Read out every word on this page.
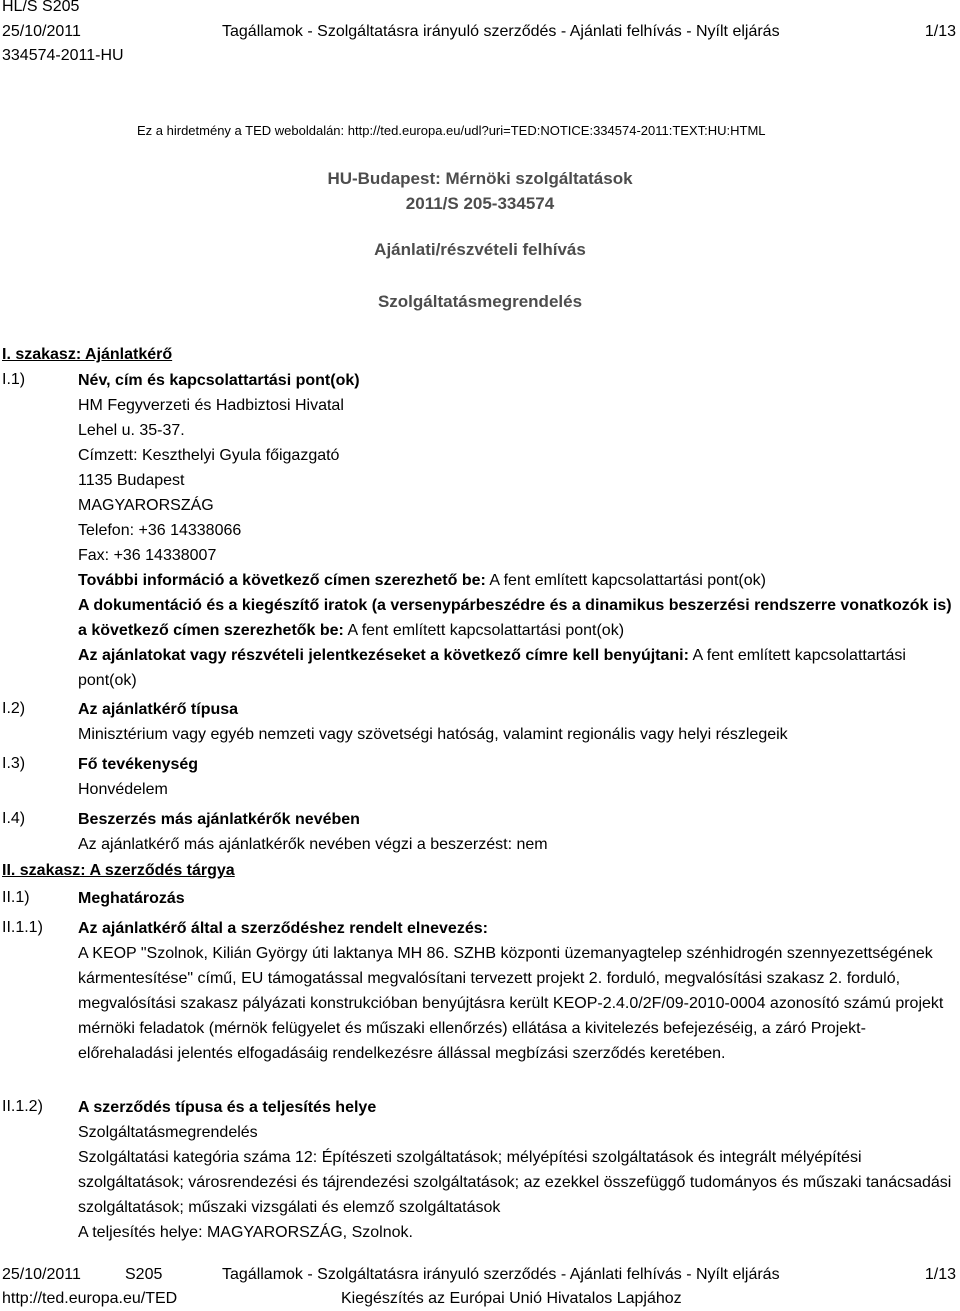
HL/S S205
25/10/2011
334574-2011-HU
Tagállamok - Szolgáltatásra irányuló szerződés - Ajánlati felhívás - Nyílt eljárás	1/13
Ez a hirdetmény a TED weboldalán: http://ted.europa.eu/udl?uri=TED:NOTICE:334574-2011:TEXT:HU:HTML
HU-Budapest: Mérnöki szolgáltatások
2011/S 205-334574
Ajánlati/részvételi felhívás
Szolgáltatásmegrendelés
I. szakasz: Ajánlatkérő
I.1)	Név, cím és kapcsolattartási pont(ok)
HM Fegyverzeti és Hadbiztosi Hivatal
Lehel u. 35-37.
Címzett: Keszthelyi Gyula főigazgató
1135 Budapest
MAGYARORSZÁG
Telefon: +36 14338066
Fax: +36 14338007
További információ a következő címen szerezhető be: A fent említett kapcsolattartási pont(ok)
A dokumentáció és a kiegészítő iratok (a versenypárbeszédre és a dinamikus beszerzési rendszerre vonatkozók is) a következő címen szerezhetők be: A fent említett kapcsolattartási pont(ok)
Az ajánlatokat vagy részvételi jelentkezéseket a következő címre kell benyújtani: A fent említett kapcsolattartási pont(ok)
I.2)	Az ajánlatkérő típusa
Minisztérium vagy egyéb nemzeti vagy szövetségi hatóság, valamint regionális vagy helyi részlegeik
I.3)	Fő tevékenység
Honvédelem
I.4)	Beszerzés más ajánlatkérők nevében
Az ajánlatkérő más ajánlatkérők nevében végzi a beszerzést: nem
II. szakasz: A szerződés tárgya
II.1)	Meghatározás
II.1.1) Az ajánlatkérő által a szerződéshez rendelt elnevezés:
A KEOP "Szolnok, Kilián György úti laktanya MH 86. SZHB központi üzemanyagtelep szénhidrogén szennyezettségének kármentesítése" című, EU támogatással megvalósítani tervezett projekt 2. forduló, megvalósítási szakasz 2. forduló, megvalósítási szakasz pályázati konstrukcióban benyújtásra került KEOP-2.4.0/2F/09-2010-0004 azonosító számú projekt mérnöki feladatok (mérnök felügyelet és műszaki ellenőrzés) ellátása a kivitelezés befejezéséig, a záró Projekt-előrehaladási jelentés elfogadásáig rendelkezésre állással megbízási szerződés keretében.
II.1.2) A szerződés típusa és a teljesítés helye
Szolgáltatásmegrendelés
Szolgáltatási kategória száma 12: Építészeti szolgáltatások; mélyépítési szolgáltatások és integrált mélyépítési szolgáltatások; városrendezési és tájrendezési szolgáltatások; az ezekkel összefüggő tudományos és műszaki tanácsadási szolgáltatások; műszaki vizsgálati és elemző szolgáltatások
A teljesítés helye: MAGYARORSZÁG, Szolnok.
25/10/2011	S205	Tagállamok - Szolgáltatásra irányuló szerződés - Ajánlati felhívás - Nyílt eljárás	1/13
http://ted.europa.eu/TED	Kiegészítés az Európai Unió Hivatalos Lapjához
